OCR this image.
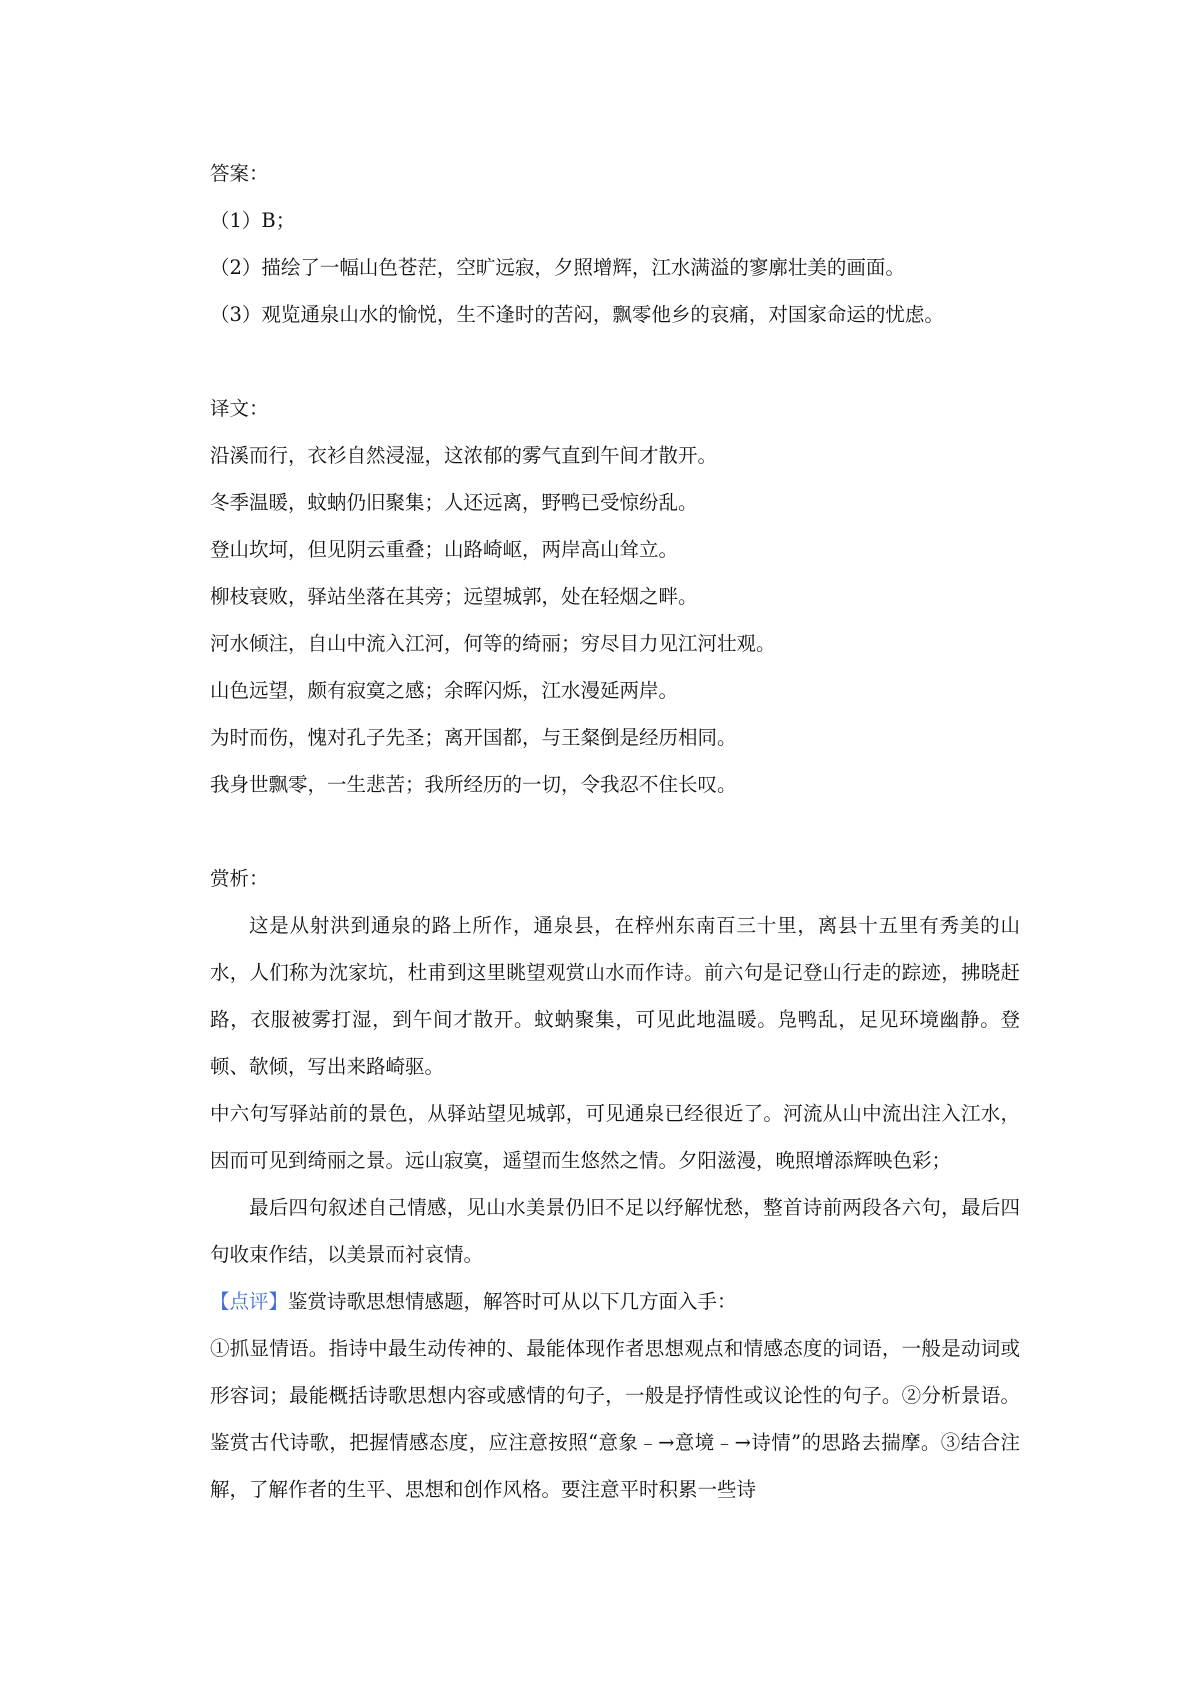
答案：
（1）B；
（2）描绘了一幅山色苍茫，空旷远寂，夕照增辉，江水满溢的寥廓壮美的画面。
（3）观览通泉山水的愉悦，生不逢时的苦闷，飘零他乡的哀痛，对国家命运的忧虑。
译文：
沿溪而行，衣衫自然浸湿，这浓郁的雾气直到午间才散开。
冬季温暖，蚊蚋仍旧聚集；人还远离，野鸭已受惊纷乱。
登山坎坷，但见阴云重叠；山路崎岖，两岸高山耸立。
柳枝衰败，驿站坐落在其旁；远望城郭，处在轻烟之畔。
河水倾注，自山中流入江河，何等的绮丽；穷尽目力见江河壮观。
山色远望，颇有寂寞之感；余晖闪烁，江水漫延两岸。
为时而伤，愧对孔子先圣；离开国都，与王粲倒是经历相同。
我身世飘零，一生悲苦；我所经历的一切，令我忍不住长叹。
赏析：
这是从射洪到通泉的路上所作，通泉县，在梓州东南百三十里，离县十五里有秀美的山水，人们称为沈家坑，杜甫到这里眺望观赏山水而作诗。前六句是记登山行走的踪迹，拂晓赶路，衣服被雾打湿，到午间才散开。蚊蚋聚集，可见此地温暖。凫鸭乱，足见环境幽静。登顿、欹倾，写出来路崎驱。
中六句写驿站前的景色，从驿站望见城郭，可见通泉已经很近了。河流从山中流出注入江水，因而可见到绮丽之景。远山寂寞，遥望而生悠然之情。夕阳滋漫，晚照增添辉映色彩；
最后四句叙述自己情感，见山水美景仍旧不足以纾解忧愁，整首诗前两段各六句，最后四句收束作结，以美景而衬哀情。
【点评】鉴赏诗歌思想情感题，解答时可从以下几方面入手：
①抓显情语。指诗中最生动传神的、最能体现作者思想观点和情感态度的词语，一般是动词或形容词；最能概括诗歌思想内容或感情的句子，一般是抒情性或议论性的句子。②分析景语。鉴赏古代诗歌，把握情感态度，应注意按照“意象﹣→意境﹣→诗情”的思路去揣摩。③结合注解，了解作者的生平、思想和创作风格。要注意平时积累一些诗
